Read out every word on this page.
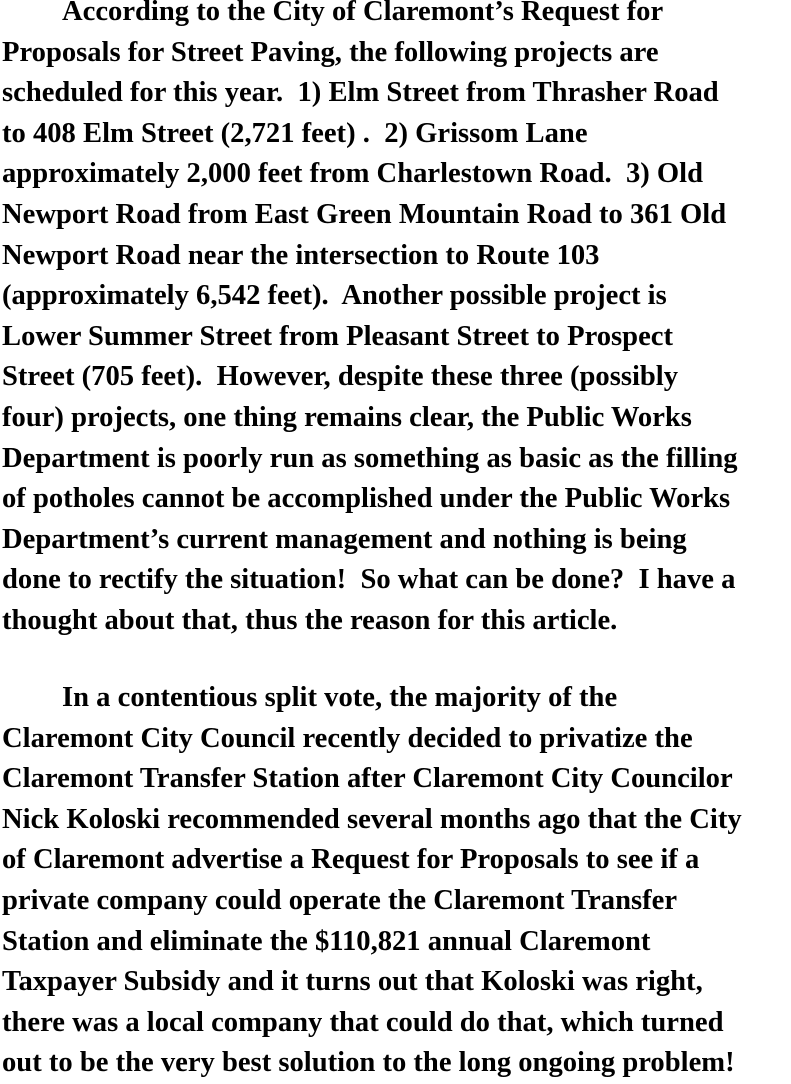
According to the City of Claremont’s Request for
Proposals for Street Paving, the following projects are
scheduled for this year.  1) Elm Street from Thrasher Road
to 408 Elm Street (2,721 feet) .  2) Grissom Lane
approximately 2,000 feet from Charlestown Road.  3) Old
Newport Road from East Green Mountain Road to 361 Old
Newport Road near the intersection to Route 103
(approximately 6,542 feet).  Another possible project is
Lower Summer Street from Pleasant Street to Prospect
Street (705 feet).  However, despite these three (possibly
four) projects, one thing remains clear, the Public Works
Department is poorly run as something as basic as the filling
of potholes cannot be accomplished under the Public Works
Department’s current management and nothing is being
done to rectify the situation!  So what can be done?  I have a
thought about that, thus the reason for this article.
In a contentious split vote, the majority of the
Claremont City Council recently decided to privatize the
Claremont Transfer Station after Claremont City Councilor
Nick Koloski recommended several months ago that the City
of Claremont advertise a Request for Proposals to see if a
private company could operate the Claremont Transfer
Station and eliminate the $110,821 annual Claremont
Taxpayer Subsidy and it turns out that Koloski was right,
there was a local company that could do that, which turned
out to be the very best solution to the long ongoing problem!
